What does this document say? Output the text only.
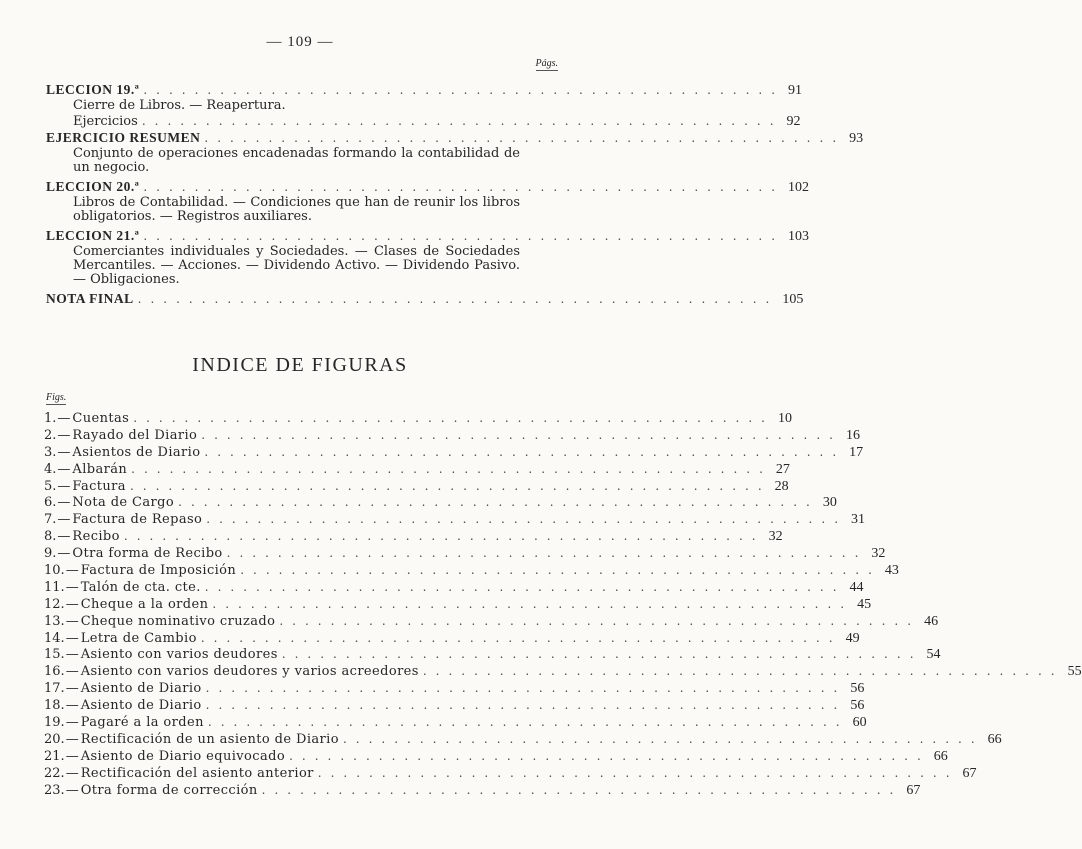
— 109 —
Págs.
LECCION 19.ª .................................................. 91
Cierre de Libros. — Reapertura.
Ejercicios .................................................. 92
EJERCICIO RESUMEN .................................................. 93
Conjunto de operaciones encadenadas formando la contabilidad de un negocio.
LECCION 20.ª .................................................. 102
Libros de Contabilidad. — Condiciones que han de reunir los libros obligatorios. — Registros auxiliares.
LECCION 21.ª .................................................. 103
Comerciantes individuales y Sociedades. — Clases de Sociedades Mercantiles. — Acciones. — Dividendo Activo. — Dividendo Pasivo. — Obligaciones.
NOTA FINAL .................................................. 105
INDICE DE FIGURAS
Figs.
1. — Cuentas .................................................. 10
2. — Rayado del Diario .................................................. 16
3. — Asientos de Diario .................................................. 17
4. — Albarán .................................................. 27
5. — Factura .................................................. 28
6. — Nota de Cargo .................................................. 30
7. — Factura de Repaso .................................................. 31
8. — Recibo .................................................. 32
9. — Otra forma de Recibo .................................................. 32
10. — Factura de Imposición .................................................. 43
11. — Talón de cta. cte. .................................................. 44
12. — Cheque a la orden .................................................. 45
13. — Cheque nominativo cruzado .................................................. 46
14. — Letra de Cambio .................................................. 49
15. — Asiento con varios deudores .................................................. 54
16. — Asiento con varios deudores y varios acreedores .................................................. 55
17. — Asiento de Diario .................................................. 56
18. — Asiento de Diario .................................................. 56
19. — Pagaré a la orden .................................................. 60
20. — Rectificación de un asiento de Diario .................................................. 66
21. — Asiento de Diario equivocado .................................................. 66
22. — Rectificación del asiento anterior .................................................. 67
23. — Otra forma de corrección .................................................. 67
